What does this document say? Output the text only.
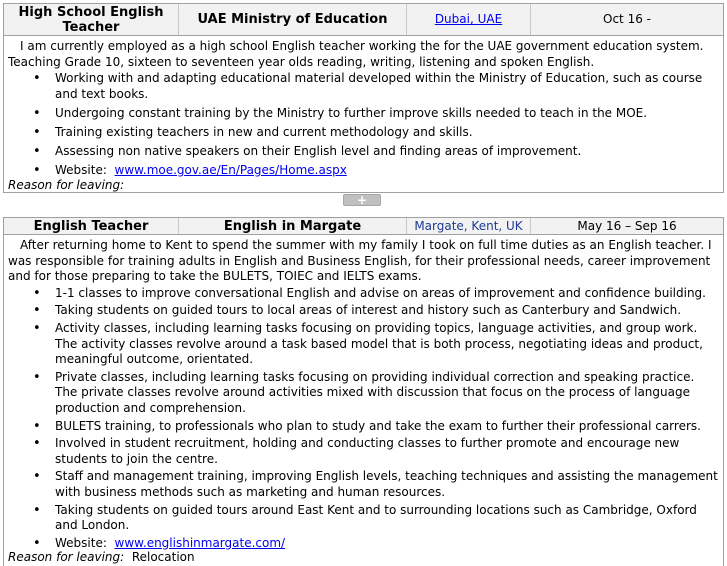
High School English Teacher	UAE Ministry of Education	Dubai, UAE	Oct 16 -

I am currently employed as a high school English teacher working the for the UAE government education system. Teaching Grade 10, sixteen to seventeen year olds reading, writing, listening and spoken English.

• Working with and adapting educational material developed within the Ministry of Education, such as course and text books.
• Undergoing constant training by the Ministry to further improve skills needed to teach in the MOE.
• Training existing teachers in new and current methodology and skills.
• Assessing non native speakers on their English level and finding areas of improvement.
• Website: www.moe.gov.ae/En/Pages/Home.aspx
Reason for leaving:
+
English Teacher	English in Margate	Margate, Kent, UK	May 16 – Sep 16

After returning home to Kent to spend the summer with my family I took on full time duties as an English teacher. I was responsible for training adults in English and Business English, for their professional needs, career improvement and for those preparing to take the BULETS, TOIEC and IELTS exams.

• 1-1 classes to improve conversational English and advise on areas of improvement and confidence building.
• Taking students on guided tours to local areas of interest and history such as Canterbury and Sandwich.
• Activity classes, including learning tasks focusing on providing topics, language activities, and group work. The activity classes revolve around a task based model that is both process, negotiating ideas and product, meaningful outcome, orientated.
• Private classes, including learning tasks focusing on providing individual correction and speaking practice. The private classes revolve around activities mixed with discussion that focus on the process of language production and comprehension.
• BULETS training, to professionals who plan to study and take the exam to further their professional carrers.
• Involved in student recruitment, holding and conducting classes to further promote and encourage new students to join the centre.
• Staff and management training, improving English levels, teaching techniques and assisting the management with business methods such as marketing and human resources.
• Taking students on guided tours around East Kent and to surrounding locations such as Cambridge, Oxford and London.
• Website: www.englishinmargate.com/
Reason for leaving: Relocation
